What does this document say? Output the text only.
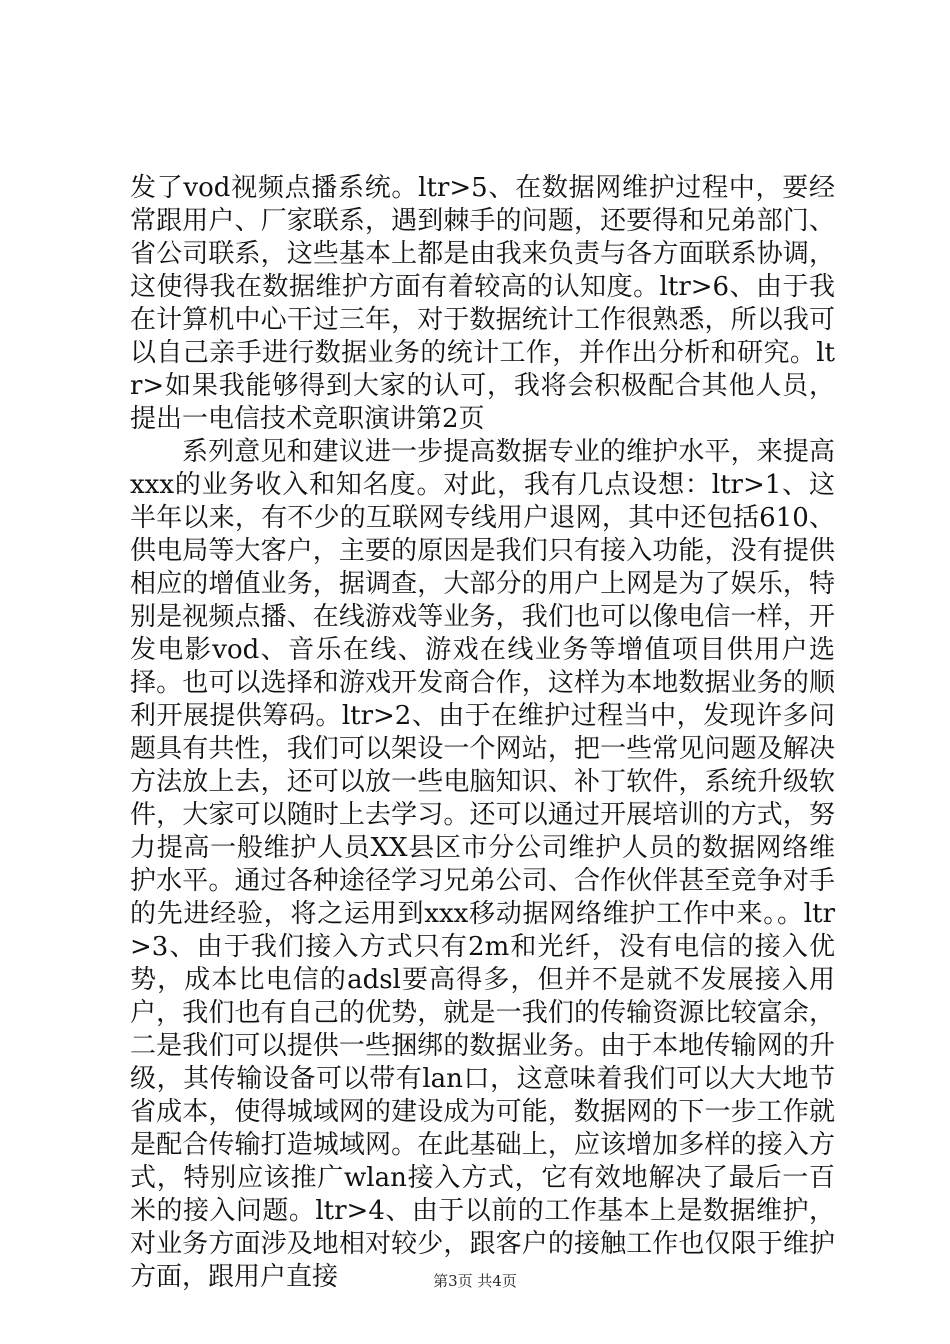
发了vod视频点播系统。ltr>5、在数据网维护过程中，要经常跟用户、厂家联系，遇到棘手的问题，还要得和兄弟部门、省公司联系，这些基本上都是由我来负责与各方面联系协调，这使得我在数据维护方面有着较高的认知度。ltr>6、由于我在计算机中心干过三年，对于数据统计工作很熟悉，所以我可以自己亲手进行数据业务的统计工作，并作出分析和研究。ltr>如果我能够得到大家的认可，我将会积极配合其他人员，提出一电信技术竞职演讲第2页

系列意见和建议进一步提高数据专业的维护水平，来提高xxx的业务收入和知名度。对此，我有几点设想：ltr>1、这半年以来，有不少的互联网专线用户退网，其中还包括610、供电局等大客户，主要的原因是我们只有接入功能，没有提供相应的增值业务，据调查，大部分的用户上网是为了娱乐，特别是视频点播、在线游戏等业务，我们也可以像电信一样，开发电影vod、音乐在线、游戏在线业务等增值项目供用户选择。也可以选择和游戏开发商合作，这样为本地数据业务的顺利开展提供筹码。ltr>2、由于在维护过程当中，发现许多问题具有共性，我们可以架设一个网站，把一些常见问题及解决方法放上去，还可以放一些电脑知识、补丁软件，系统升级软件，大家可以随时上去学习。还可以通过开展培训的方式，努力提高一般维护人员XX县区市分公司维护人员的数据网络维护水平。通过各种途径学习兄弟公司、合作伙伴甚至竞争对手的先进经验，将之运用到xxx移动据网络维护工作中来。。ltr>3、由于我们接入方式只有2m和光纤，没有电信的接入优势，成本比电信的adsl要高得多，但并不是就不发展接入用户，我们也有自己的优势，就是一我们的传输资源比较富余，二是我们可以提供一些捆绑的数据业务。由于本地传输网的升级，其传输设备可以带有lan口，这意味着我们可以大大地节省成本，使得城域网的建设成为可能，数据网的下一步工作就是配合传输打造城域网。在此基础上，应该增加多样的接入方式，特别应该推广wlan接入方式，它有效地解决了最后一百米的接入问题。ltr>4、由于以前的工作基本上是数据维护，对业务方面涉及地相对较少，跟客户的接触工作也仅限于维护方面，跟用户直接	第3页 共4页
